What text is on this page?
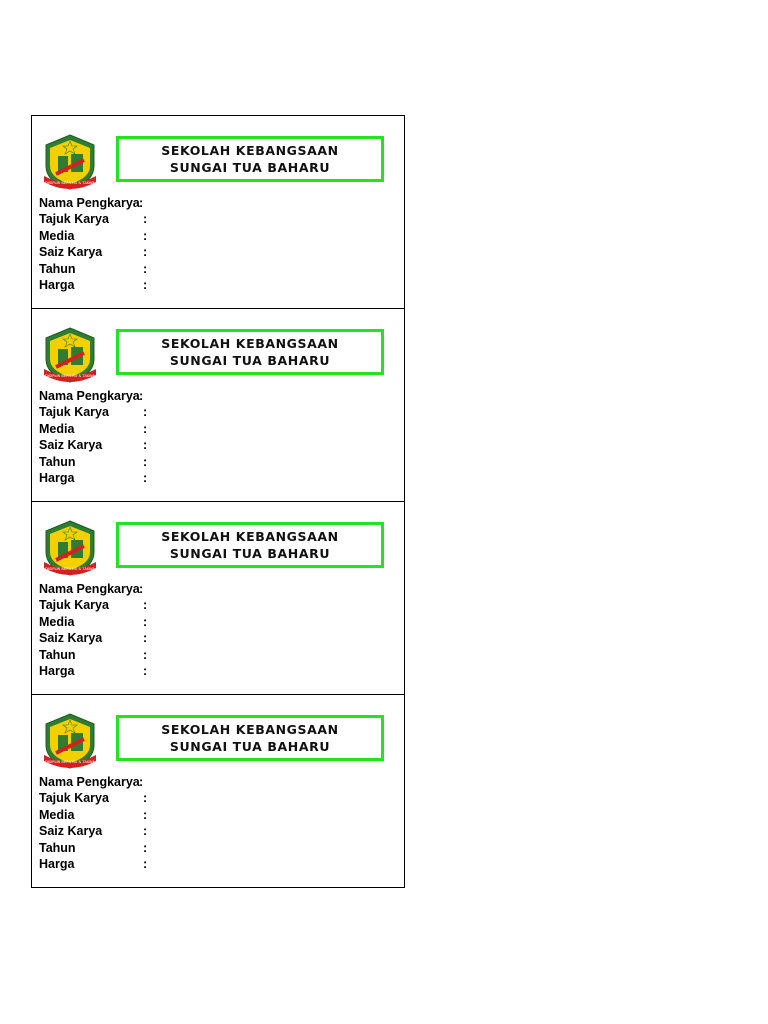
DISIPLIN BERILMU & TAKWA
SEKOLAH KEBANGSAAN
SUNGAI TUA BAHARU
Nama Pengkarya :
Tajuk Karya	:
Media	:
Saiz Karya	:
Tahun	:
Harga	:
DISIPLIN BERILMU & TAKWA
SEKOLAH KEBANGSAAN
SUNGAI TUA BAHARU
Nama Pengkarya :
Tajuk Karya	:
Media	:
Saiz Karya	:
Tahun	:
Harga	:
DISIPLIN BERILMU & TAKWA
SEKOLAH KEBANGSAAN
SUNGAI TUA BAHARU
Nama Pengkarya :
Tajuk Karya	:
Media	:
Saiz Karya	:
Tahun	:
Harga	:
DISIPLIN BERILMU & TAKWA
SEKOLAH KEBANGSAAN
SUNGAI TUA BAHARU
Nama Pengkarya :
Tajuk Karya	:
Media	:
Saiz Karya	:
Tahun	:
Harga	:
